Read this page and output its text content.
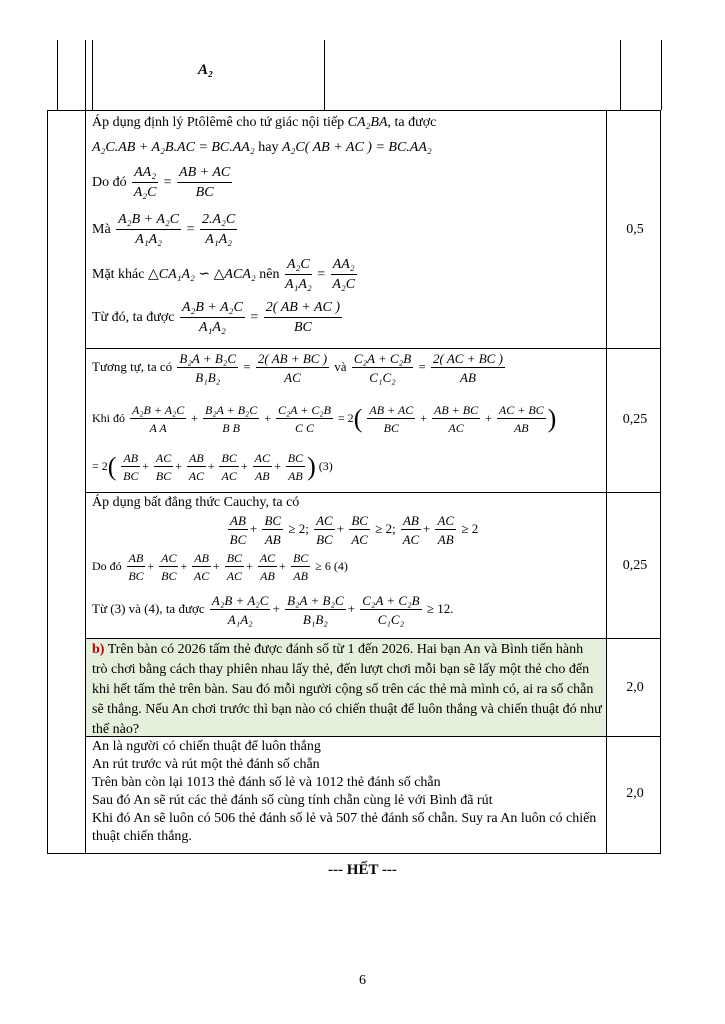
A₂
Áp dụng định lý Ptôlêmê cho tứ giác nội tiếp CA₂BA, ta được
A₂C.AB + A₂B.AC = BC.AA₂ hay A₂C( AB + AC ) = BC.AA₂
Do đó $\frac{\text{AA₂}}{\text{A₂C}} = \frac{AB + AC}{BC}$
Mà $\frac{\text{A₂B + A₂C}}{\text{A₁A₂}} = \frac{\text{2.A₂C}}{\text{A₁A₂}}$
Mặt khác △CA₁A₂ ∽ △ACA₂ nên $\frac{\text{A₂C}}{\text{A₁A₂}} = \frac{\text{AA₂}}{\text{A₂C}}$
Từ đó, ta được $\frac{\text{A₂B + A₂C}}{\text{A₁A₂}} = \frac{2( AB + AC )}{BC}$
0,5
Tương tự, ta có $\frac{\text{B₂A + B₂C}}{\text{B₁B₂}} = \frac{2( AB + BC )}{AC}$ và $\frac{\text{C₂A + C₂B}}{\text{C₁C₂}} = \frac{2( AC + BC )}{AB}$
Khi đó $\frac{\text{A₂B + A₂C}}{\text{A A}} + \frac{\text{B₂A + B₂C}}{\text{B B}} + \frac{\text{C₂A + C₂B}}{\text{C C}} = 2( \frac{AB + AC}{BC} + \frac{AB + BC}{AC} + \frac{AC + BC}{AB}$ )
= $2( \frac{AB}{BC} + \frac{AC}{BC} + \frac{AB}{AC} + \frac{BC}{AC} + \frac{AC}{AB} + \frac{BC}{AB}$ ) (3)
0,25
Áp dụng bất đẳng thức Cauchy, ta có
$\frac{AB}{BC} + \frac{BC}{AB} \ge 2$; $\frac{AC}{BC} + \frac{BC}{AC} \ge 2$; $\frac{AB}{AC} + \frac{AC}{AB} \ge 2$
Do đó $\frac{AB}{BC} + \frac{AC}{BC} + \frac{AB}{AC} + \frac{BC}{AC} + \frac{AC}{AB} + \frac{BC}{AB} \ge 6$ (4)
Từ (3) và (4), ta được $\frac{\text{A₂B + A₂C}}{\text{A₁A₂}} + \frac{\text{B₂A + B₂C}}{\text{B₁B₂}} + \frac{\text{C₂A + C₂B}}{\text{C₁C₂}} \ge 12$.
0,25
b) Trên bàn có 2026 tấm thẻ được đánh số từ 1 đến 2026. Hai bạn An và Bình tiến hành trò chơi bằng cách thay phiên nhau lấy thẻ, đến lượt chơi mỗi bạn sẽ lấy một thẻ cho đến khi hết tấm thẻ trên bàn. Sau đó mỗi người cộng số trên các thẻ mà mình có, ai ra số chẵn sẽ thắng. Nếu An chơi trước thì bạn nào có chiến thuật để luôn thắng và chiến thuật đó như thế nào?
2,0
An là người có chiến thuật để luôn thắng
An rút trước và rút một thẻ đánh số chẵn
Trên bàn còn lại 1013 thẻ đánh số lẻ và 1012 thẻ đánh số chẵn
Sau đó An sẽ rút các thẻ đánh số cùng tính chẵn cùng lẻ với Bình đã rút
Khi đó An sẽ luôn có 506 thẻ đánh số lẻ và 507 thẻ đánh số chẵn. Suy ra An luôn có chiến thuật chiến thắng.
2,0
--- HẾT ---
6
